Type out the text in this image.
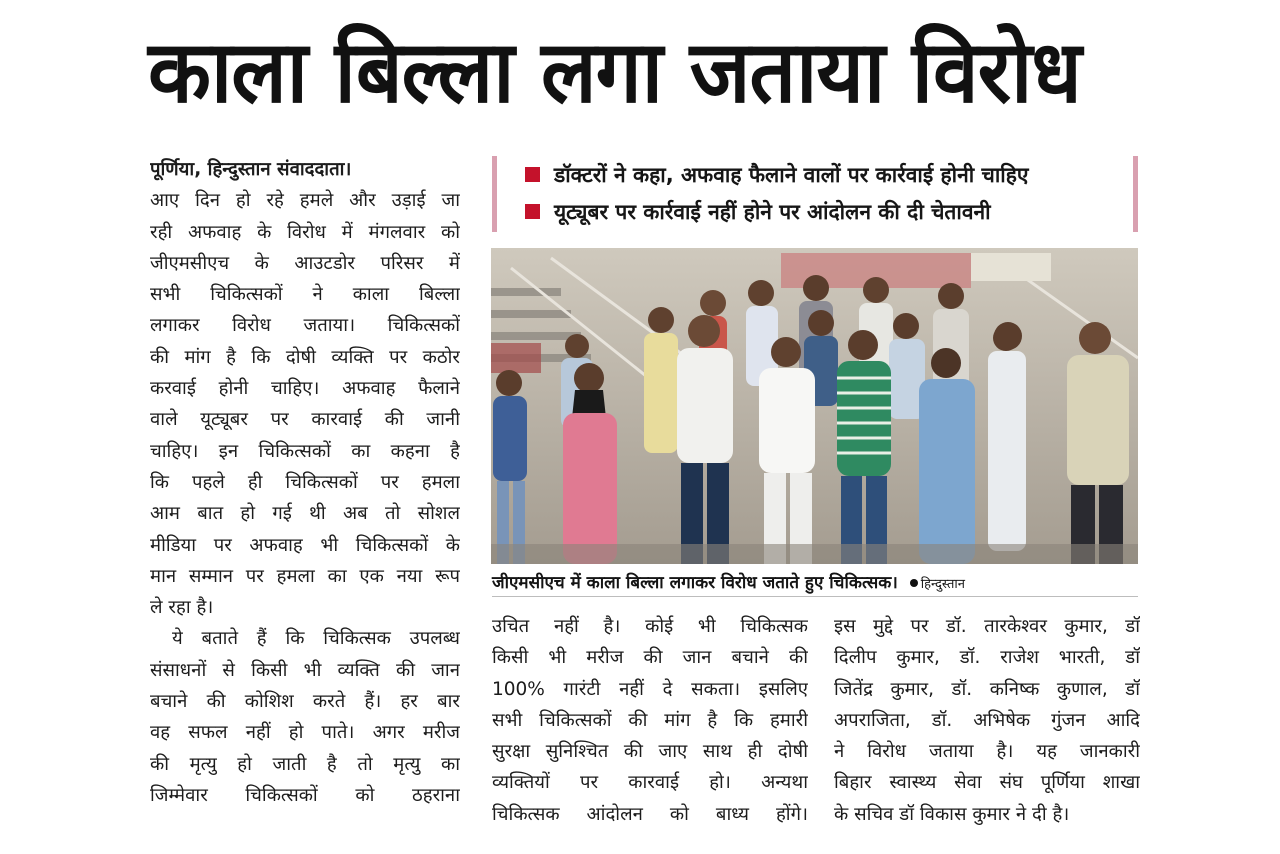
काला बिल्ला लगा जताया विरोध

पूर्णिया, हिन्दुस्तान संवाददाता।

आए दिन हो रहे हमले और उड़ाई जा

रही अफवाह के विरोध में मंगलवार को

जीएमसीएच के आउटडोर परिसर में

सभी चिकित्सकों ने काला बिल्ला

लगाकर विरोध जताया। चिकित्सकों

की मांग है कि दोषी व्यक्ति पर कठोर

करवाई होनी चाहिए। अफवाह फैलाने

वाले यूट्यूबर पर कारवाई की जानी

चाहिए। इन चिकित्सकों का कहना है

कि पहले ही चिकित्सकों पर हमला

आम बात हो गई थी अब तो सोशल

मीडिया पर अफवाह भी चिकित्सकों के

मान सम्मान पर हमला का एक नया रूप

ले रहा है।

ये बताते हैं कि चिकित्सक उपलब्ध

संसाधनों से किसी भी व्यक्ति की जान

बचाने की कोशिश करते हैं। हर बार

वह सफल नहीं हो पाते। अगर मरीज

की मृत्यु हो जाती है तो मृत्यु का

जिम्मेवार चिकित्सकों को ठहराना

डॉक्टरों ने कहा, अफवाह फैलाने वालों पर कार्रवाई होनी चाहिए
यूट्यूबर पर कार्रवाई नहीं होने पर आंदोलन की दी चेतावनी
जीएमसीएच में काला बिल्ला लगाकर विरोध जताते हुए चिकित्सक। हिन्दुस्तान

उचित नहीं है। कोई भी चिकित्सक

किसी भी मरीज की जान बचाने की

100% गारंटी नहीं दे सकता। इसलिए

सभी चिकित्सकों की मांग है कि हमारी

सुरक्षा सुनिश्चित की जाए साथ ही दोषी

व्यक्तियों पर कारवाई हो। अन्यथा

चिकित्सक आंदोलन को बाध्य होंगे।

इस मुद्दे पर डॉ. तारकेश्वर कुमार, डॉ

दिलीप कुमार, डॉ. राजेश भारती, डॉ

जितेंद्र कुमार, डॉ. कनिष्क कुणाल, डॉ

अपराजिता, डॉ. अभिषेक गुंजन आदि

ने विरोध जताया है। यह जानकारी

बिहार स्वास्थ्य सेवा संघ पूर्णिया शाखा

के सचिव डॉ विकास कुमार ने दी है।
